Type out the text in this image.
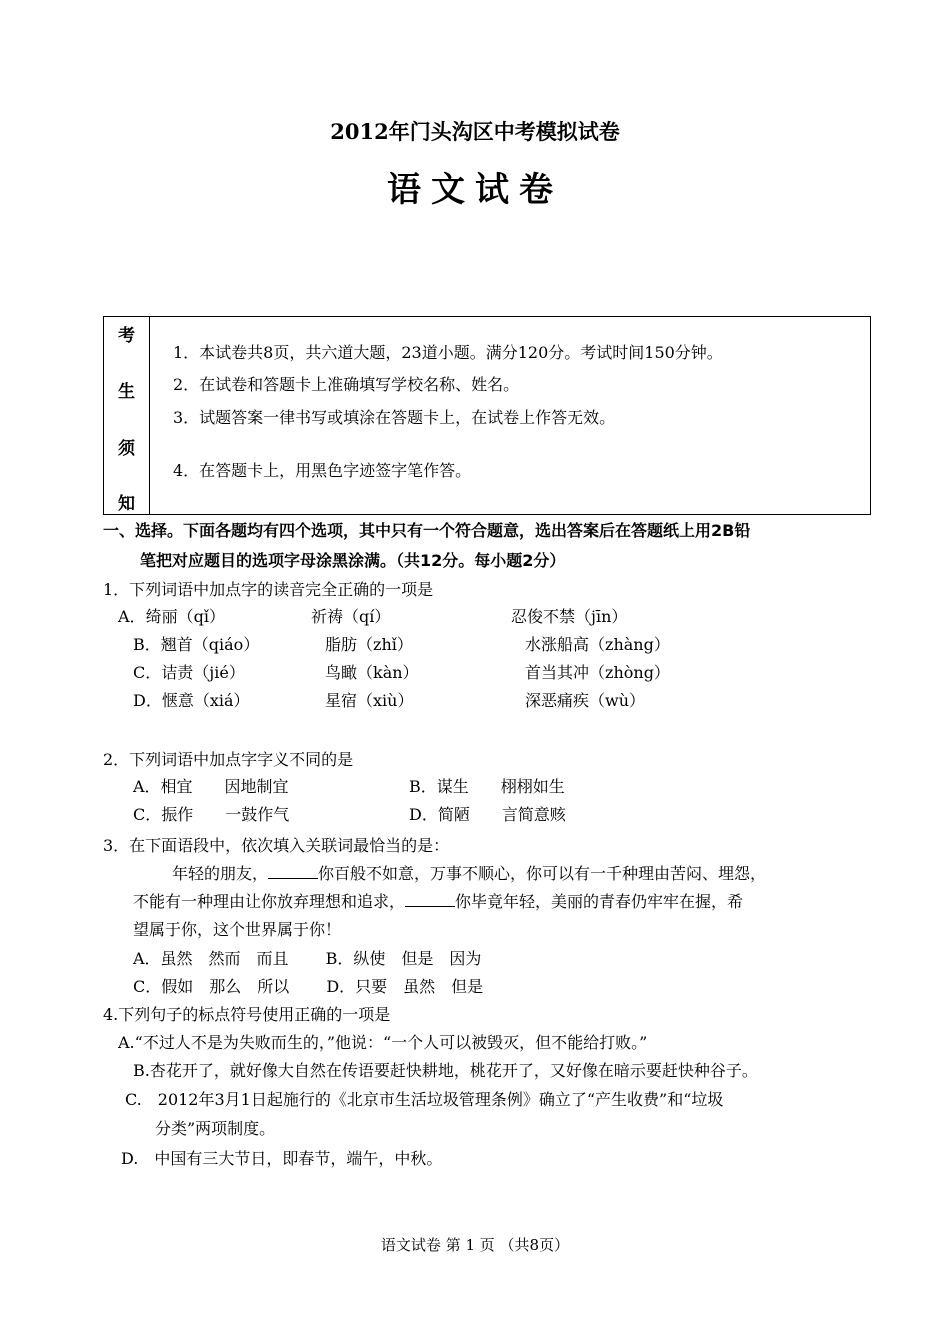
2012年门头沟区中考模拟试卷
语文试卷
考
生
须
知
1．本试卷共8页，共六道大题，23道小题。满分120分。考试时间150分钟。
2．在试卷和答题卡上准确填写学校名称、姓名。
3．试题答案一律书写或填涂在答题卡上，在试卷上作答无效。
4．在答题卡上，用黑色字迹签字笔作答。
一、选择。下面各题均有四个选项，其中只有一个符合题意，选出答案后在答题纸上用2B铅
笔把对应题目的选项字母涂黑涂满。（共12分。每小题2分）
1．下列词语中加点字的读音完全正确的一项是
A．绮丽（qǐ）	祈祷（qí）	忍俊不禁（jīn）
B．翘首（qiáo）	脂肪（zhǐ）	水涨船高（zhàng）
C．诘责（jié）	鸟瞰（kàn）	首当其冲（zhòng）
D．惬意（xiá）	星宿（xiù）	深恶痛疾（wù）
2．下列词语中加点字字义不同的是
A．相宜　　因地制宜	B．谋生　　栩栩如生
C．振作　　一鼓作气	D．简陋　　言简意赅
3．在下面语段中，依次填入关联词最恰当的是：
年轻的朋友，	你百般不如意，万事不顺心，你可以有一千种理由苦闷、埋怨，
不能有一种理由让你放弃理想和追求，	你毕竟年轻，美丽的青春仍牢牢在握，希
望属于你，这个世界属于你！
A．虽然　然而　而且　　 B．纵使　但是　因为
C．假如　那么　所以　　 D．只要　虽然　但是
4.下列句子的标点符号使用正确的一项是
A.“不过人不是为失败而生的，”他说：“一个人可以被毁灭，但不能给打败。”
B.杏花开了，就好像大自然在传语要赶快耕地，桃花开了，又好像在暗示要赶快种谷子。
C.　2012年3月1日起施行的《北京市生活垃圾管理条例》确立了“产生收费”和“垃圾
分类”两项制度。
D.　中国有三大节日，即春节，端午，中秋。
语文试卷 第 1 页 （共8页）
